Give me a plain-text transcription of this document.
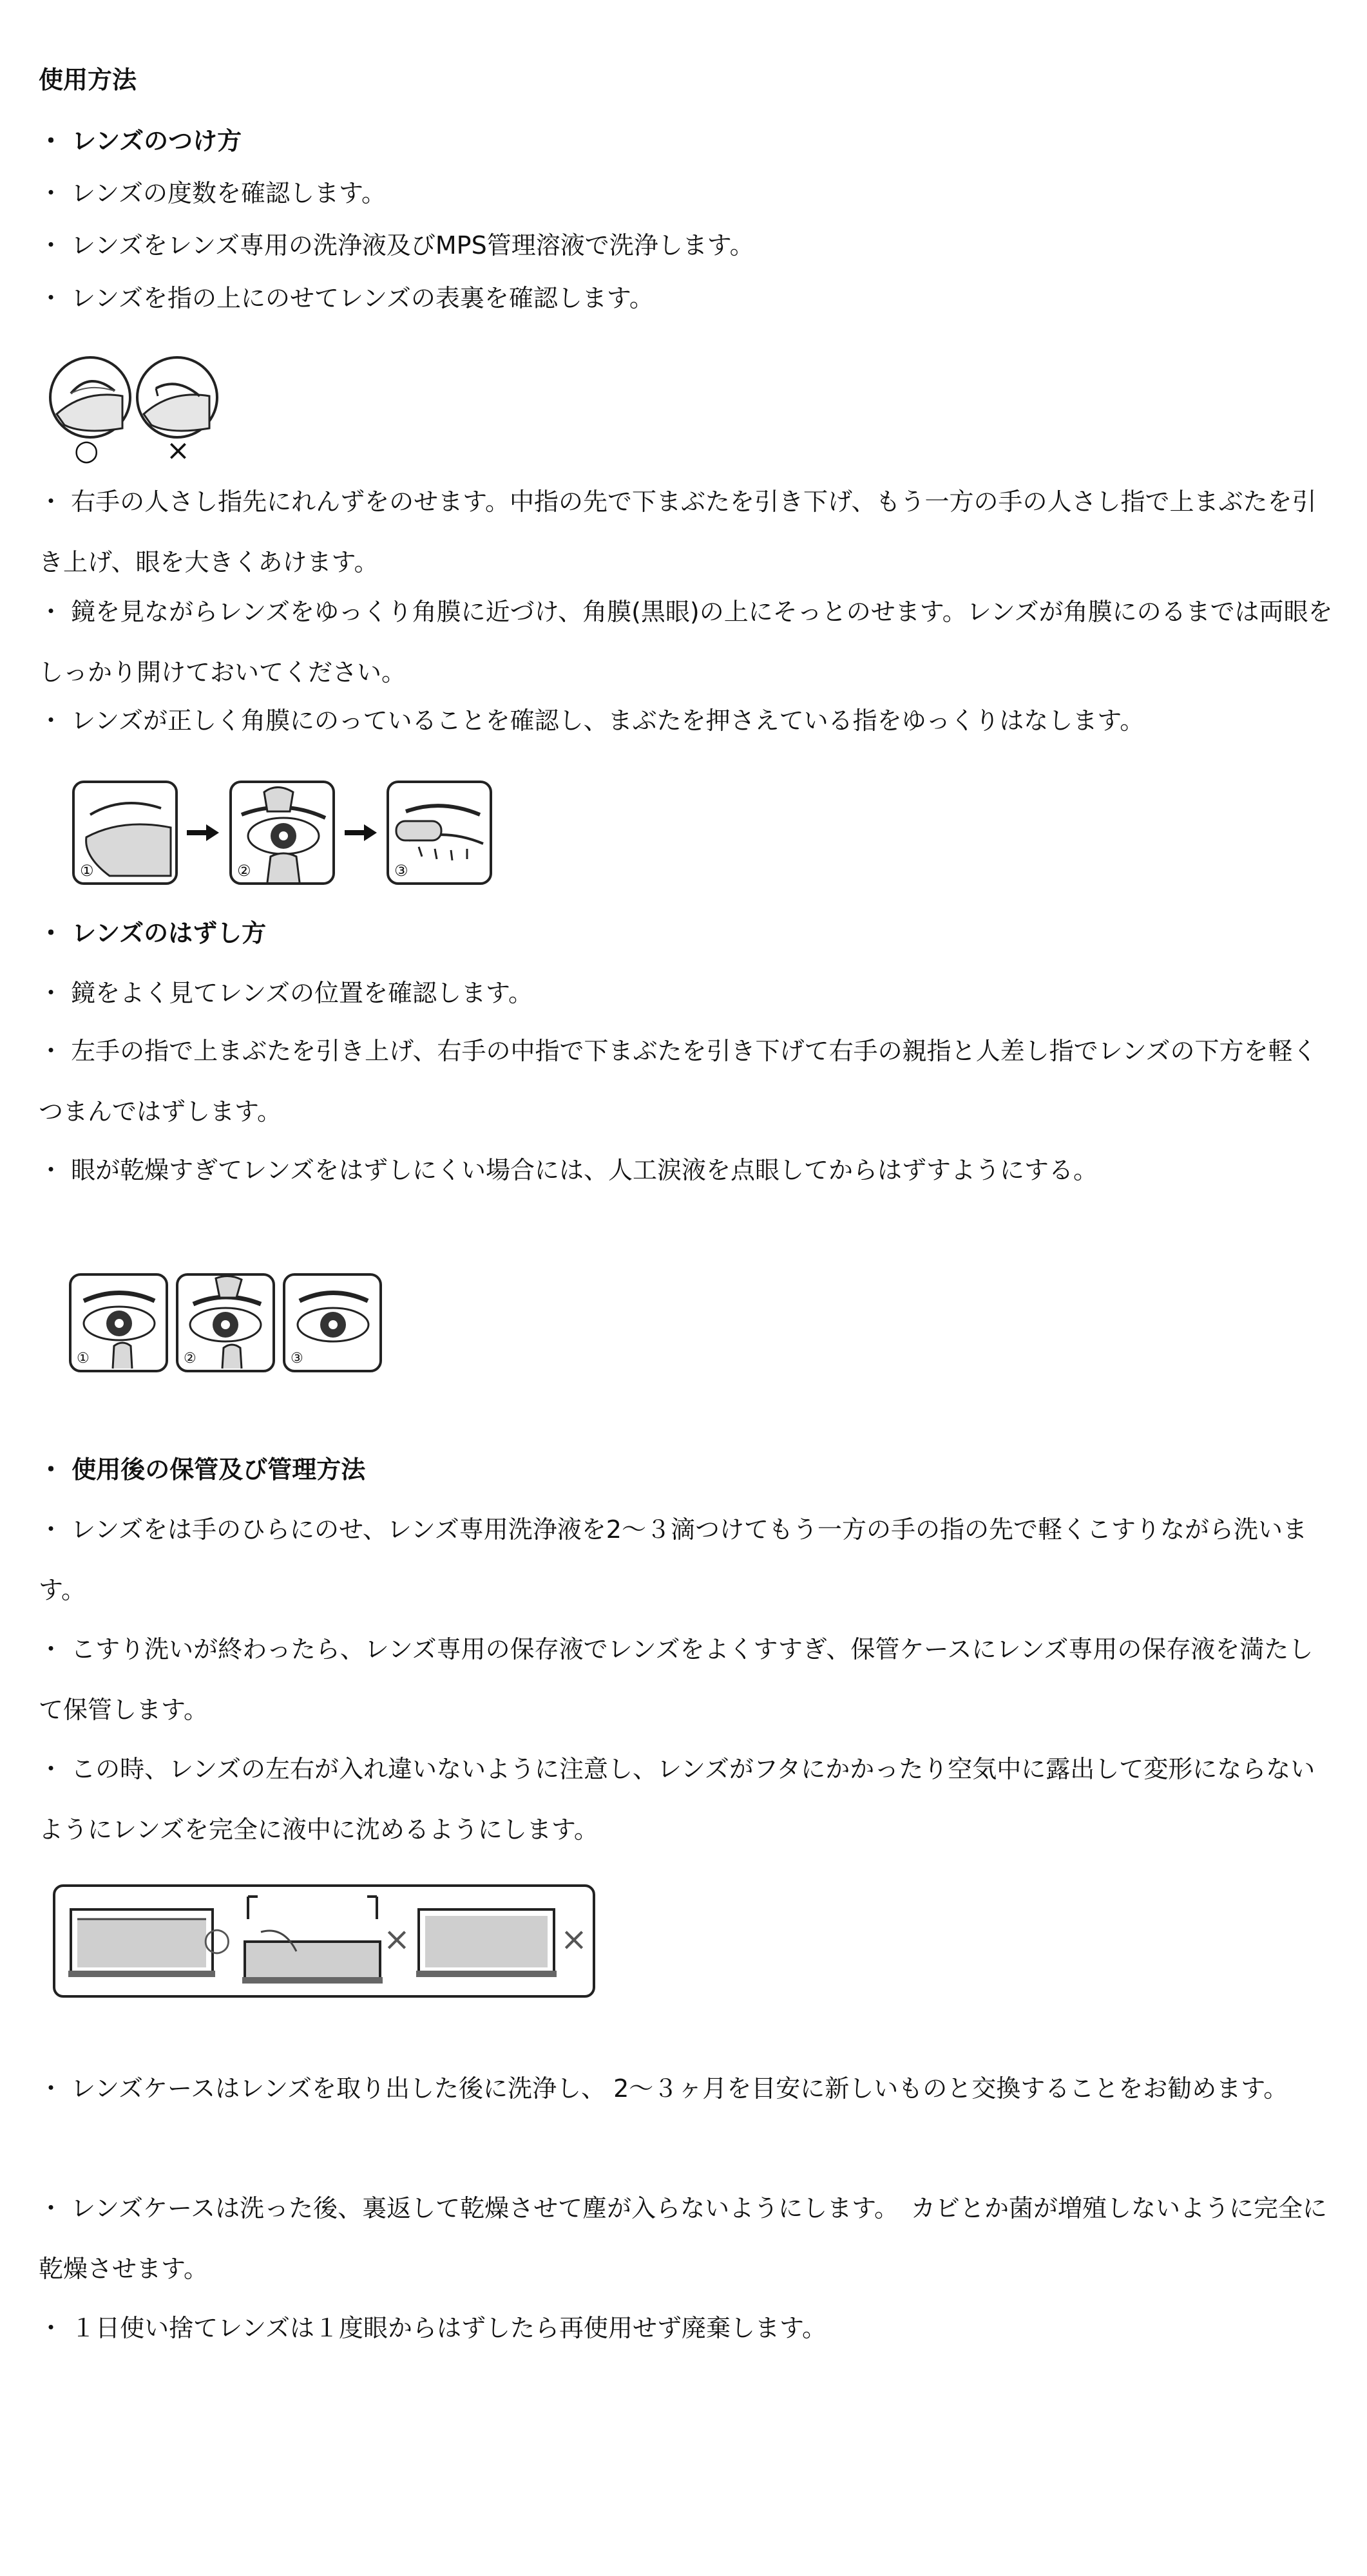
使用方法

・ レンズのつけ方

・ レンズの度数を確認します。

・ レンズをレンズ専用の洗浄液及びMPS管理溶液で洗浄します。

・ レンズを指の上にのせてレンズの表裏を確認します。

○ ×

・ 右手の人さし指先にれんずをのせます。中指の先で下まぶたを引き下げ、もう一方の手の人さし指で上まぶたを引き上げ、眼を大きくあけます。

・ 鏡を見ながらレンズをゆっくり角膜に近づけ、角膜(黒眼)の上にそっとのせます。レンズが角膜にのるまでは両眼をしっかり開けておいてください。

・ レンズが正しく角膜にのっていることを確認し、まぶたを押さえている指をゆっくりはなします。

①	②	③

・ レンズのはずし方

・ 鏡をよく見てレンズの位置を確認します。

・ 左手の指で上まぶたを引き上げ、右手の中指で下まぶたを引き下げて右手の親指と人差し指でレンズの下方を軽くつまんではずします。

・ 眼が乾燥すぎてレンズをはずしにくい場合には、人工涙液を点眼してからはずすようにする。

①	②	③

・ 使用後の保管及び管理方法

・ レンズをは手のひらにのせ、レンズ専用洗浄液を2～３滴つけてもう一方の手の指の先で軽くこすりながら洗います。

・ こすり洗いが終わったら、レンズ専用の保存液でレンズをよくすすぎ、保管ケースにレンズ専用の保存液を満たして保管します。

・ この時、レンズの左右が入れ違いないように注意し、レンズがフタにかかったり空気中に露出して変形にならないようにレンズを完全に液中に沈めるようにします。

○	×	×

・ レンズケースはレンズを取り出した後に洗浄し、 2～３ヶ月を目安に新しいものと交換することをお勧めます。

・ レンズケースは洗った後、裏返して乾燥させて塵が入らないようにします。　カビとか菌が増殖しないように完全に乾燥させます。

・ １日使い捨てレンズは１度眼からはずしたら再使用せず廃棄します。
